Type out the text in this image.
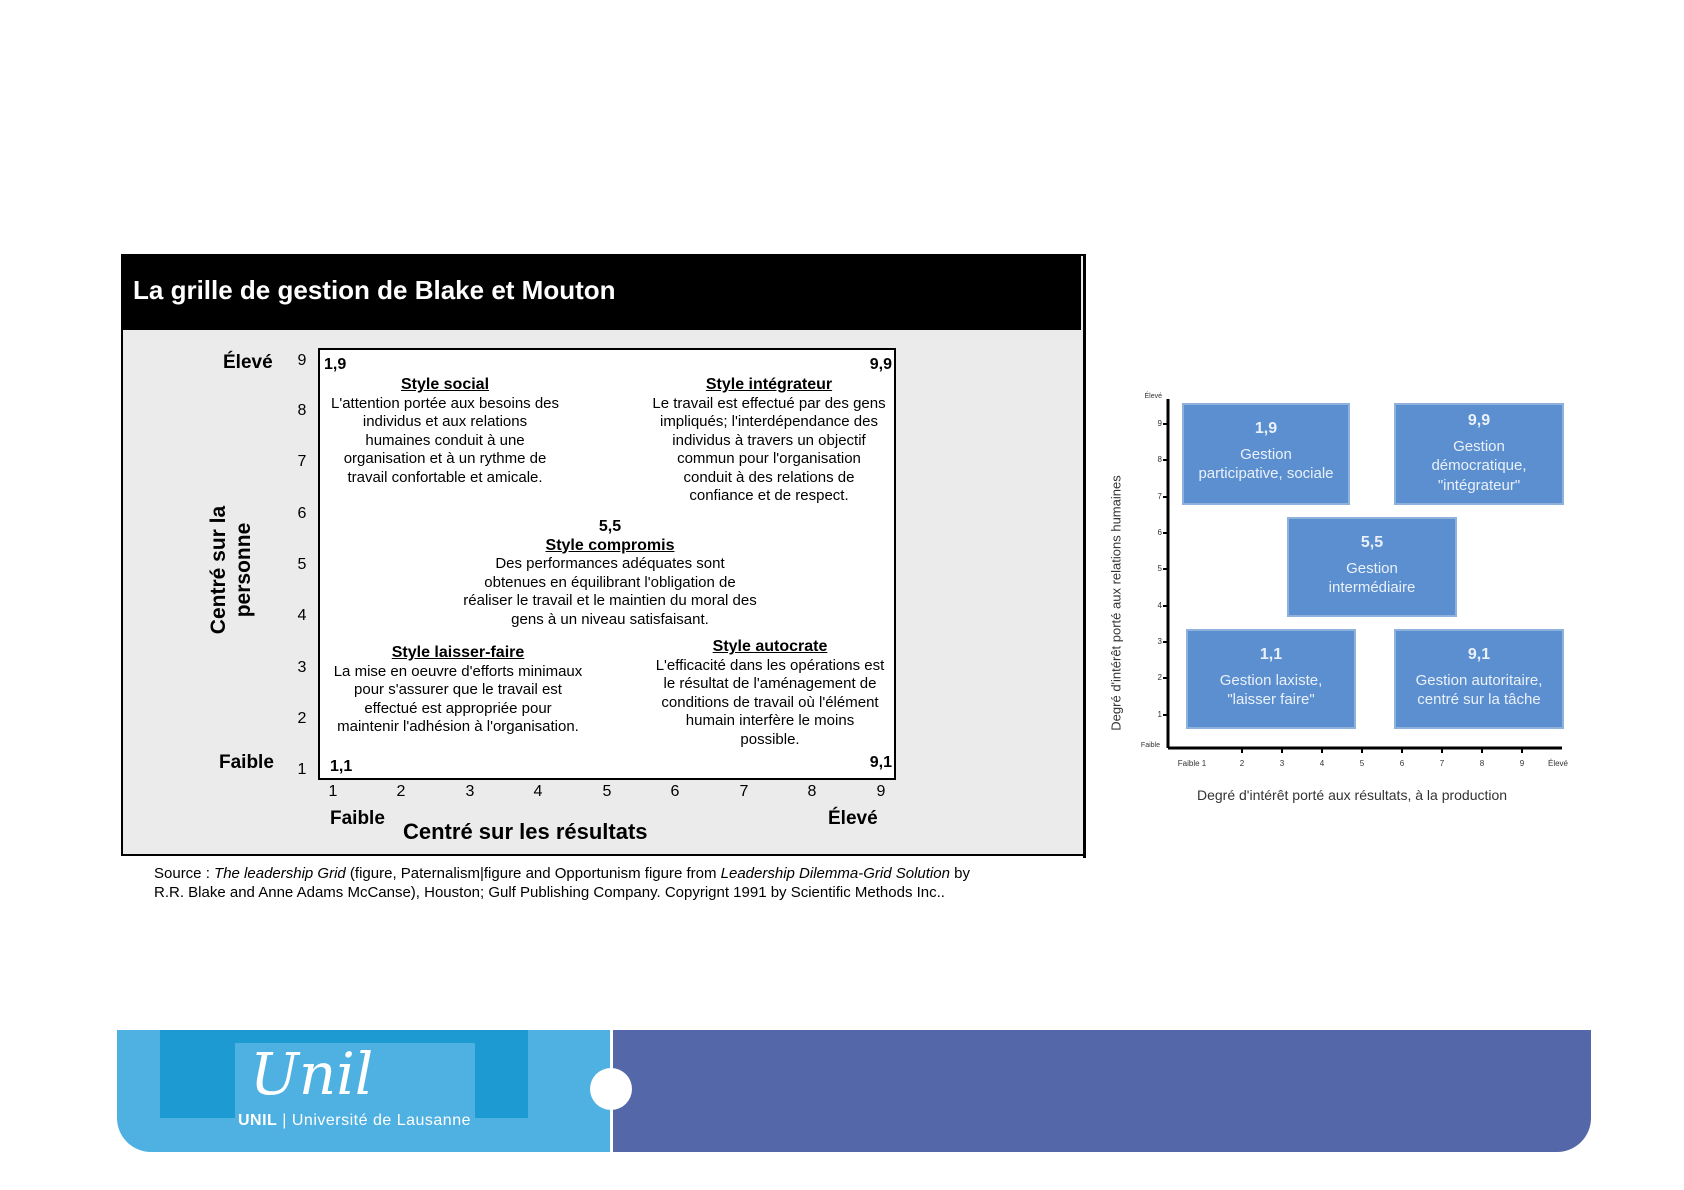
La grille de gestion de Blake et Mouton
Élevé
Faible
Centré sur la
personne
9
8
7
6
5
4
3
2
1
1,9	9,9
1,1	9,1
Style social
L'attention portée aux besoins des
individus et aux relations
humaines conduit à une
organisation et à un rythme de
travail confortable et amicale.
Style intégrateur
Le travail est effectué par des gens
impliqués; l'interdépendance des
individus à travers un objectif
commun pour l'organisation
conduit à des relations de
confiance et de respect.
5,5
Style compromis
Des performances adéquates sont
obtenues en équilibrant l'obligation de
réaliser le travail et le maintien du moral des
gens à un niveau satisfaisant.
Style laisser-faire
La mise en oeuvre d'efforts minimaux
pour s'assurer que le travail est
effectué est appropriée pour
maintenir l'adhésion à l'organisation.
Style autocrate
L'efficacité dans les opérations est
le résultat de l'aménagement de
conditions de travail où l'élément
humain interfère le moins
possible.
1	2	3	4	5	6	7	8	9
Faible	Élevé
Centré sur les résultats
Source : The leadership Grid (figure, Paternalism|figure and Opportunism figure from Leadership Dilemma-Grid Solution by
R.R. Blake and Anne Adams McCanse), Houston; Gulf Publishing Company. Copyrignt 1991 by Scientific Methods Inc..
Élevé
9
8
7
6
5
4
3
2
1
Faible
Faible 1	2	3	4	5	6	7	8	9	Élevé
Degré d'intérêt porté aux relations humaines
Degré d'intérêt porté aux résultats, à la production
1,9
Gestion
participative, sociale
9,9
Gestion
démocratique,
"intégrateur"
5,5
Gestion
intermédiaire
1,1
Gestion laxiste,
"laisser faire"
9,1
Gestion autoritaire,
centré sur la tâche
Unil
UNIL | Université de Lausanne
